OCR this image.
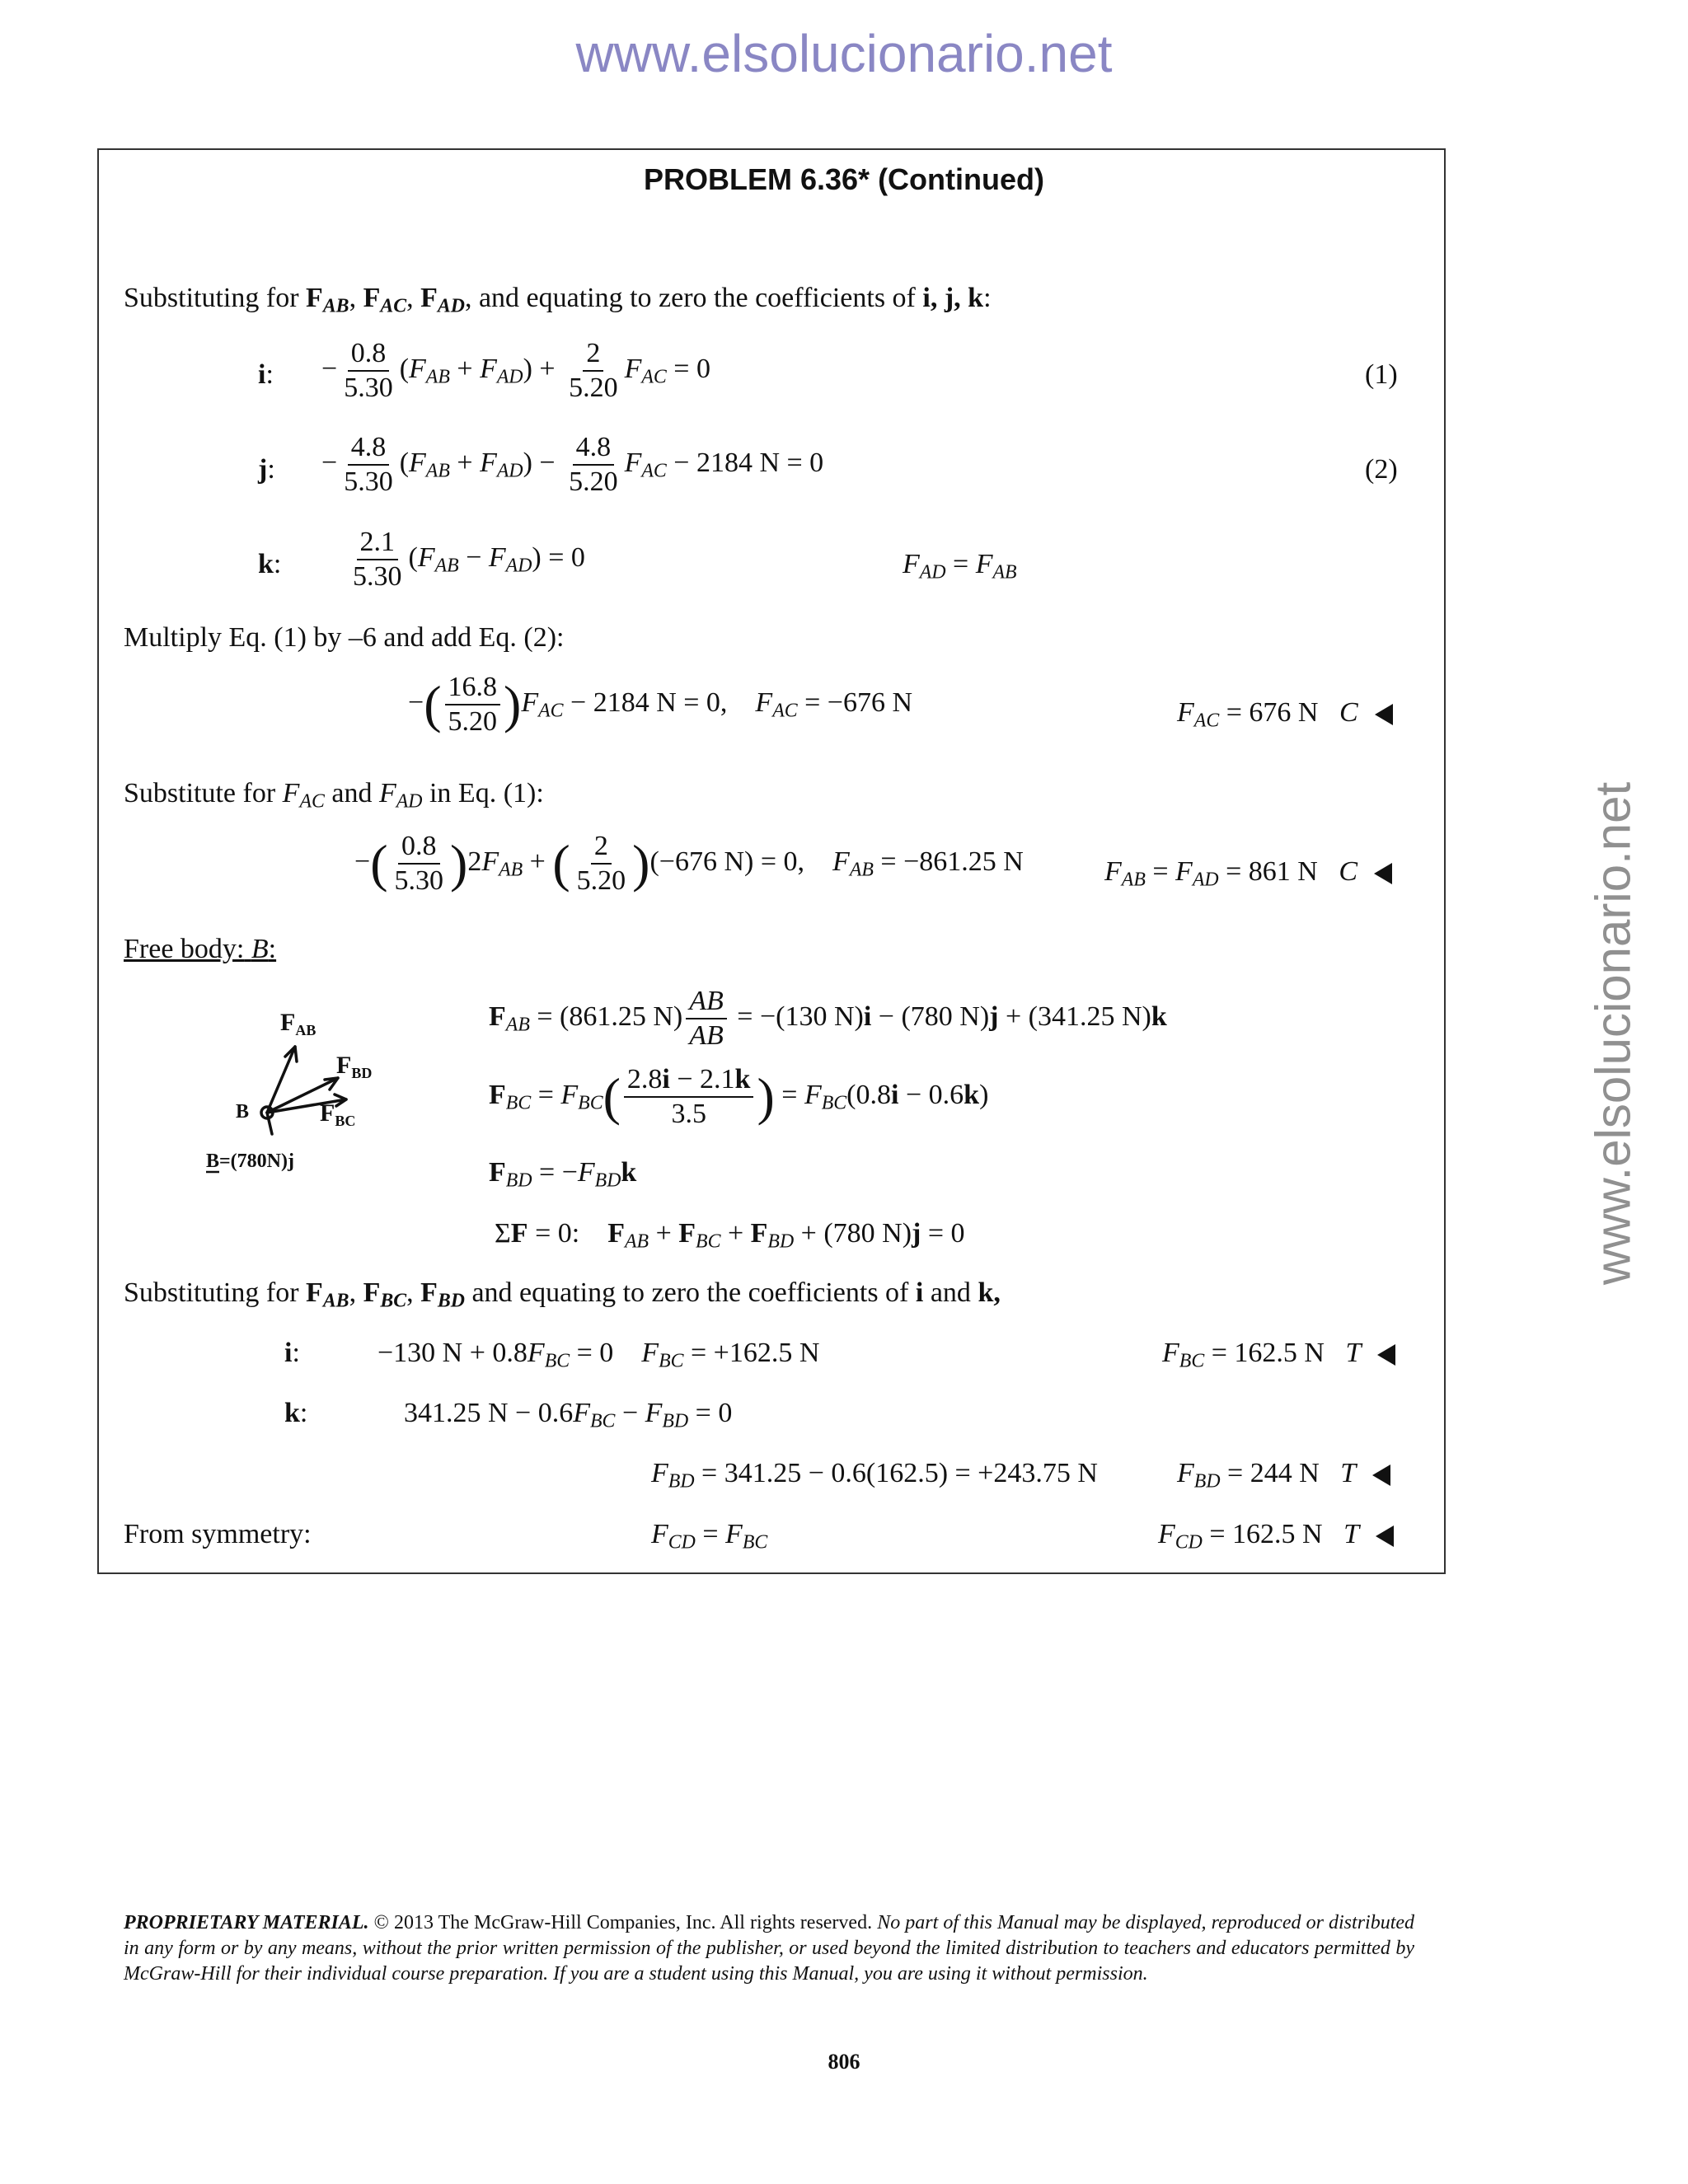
www.elsolucionario.net
www.elsolucionario.net
PROBLEM 6.36* (Continued)
Substituting for $F_{AB}$, $F_{AC}$, $F_{AD}$, and equating to zero the coefficients of i, j, k:
i: − $\frac{0.8}{5.30} (F_{AB} + F_{AD}) + \frac{2}{5.20} F_{AC} = 0$	(1)
j: − $\frac{4.8}{5.30} (F_{AB} + F_{AD}) - \frac{4.8}{5.20} F_{AC} - 2184$ N = 0	(2)
k: $\frac{2.1}{5.30} (F_{AB} - F_{AD}) = 0$	$F_{AD} = F_{AB}$
Multiply Eq. (1) by –6 and add Eq. (2):
−( $\frac{16.8}{5.20} )F_{AC} - 2184$ N = 0,    $F_{AC} = -676$ N	$F_{AC} = 676$ N C
Substitute for $F_{AC}$ and $F_{AD}$ in Eq. (1):
−( $\frac{0.8}{5.30} )2F_{AB}$ + ( $\frac{2}{5.20} )(-676$ N) = 0,    $F_{AB} = -861.25$ N	$F_{AB} = F_{AD} = 861$ N C
Free body: B:
$F_{AB}$
$F_{BD}$
$F_{BC}$
B
B=(780N)j
$F_{AB} = (861.25$ $N) \frac{AB}{AB} = -(130$ N)i − (780 N)j + (341.25 N)k
$F_{BC} = F_{BC}( \frac{2.8i - 2.1k}{3.5}$ ) = $F_{BC}(0.8i - 0.6k)$
$F_{BD} = -F_{BD}k$
ΣF = 0:    $F_{AB} + F_{BC} + F_{BD} + (780$ N)j = 0
Substituting for $F_{AB}$, $F_{BC}$, $F_{BD}$ and equating to zero the coefficients of i and k,
i:	−130 $N + 0.8F_{BC} = 0$    $F_{BC} = +162.5$ N	$F_{BC} = 162.5$ N T
k:	341.25 $N - 0.6F_{BC} - F_{BD} = 0$
$F_{BD} = 341.25 - 0.6(162.5) = +243.75$ N	$F_{BD} = 244$ N T
From symmetry:	$F_{CD} = F_{BC}$	$F_{CD} = 162.5$ N T
PROPRIETARY MATERIAL. © 2013 The McGraw-Hill Companies, Inc. All rights reserved. No part of this Manual may be displayed, reproduced or distributed in any form or by any means, without the prior written permission of the publisher, or used beyond the limited distribution to teachers and educators permitted by McGraw-Hill for their individual course preparation. If you are a student using this Manual, you are using it without permission.
806
